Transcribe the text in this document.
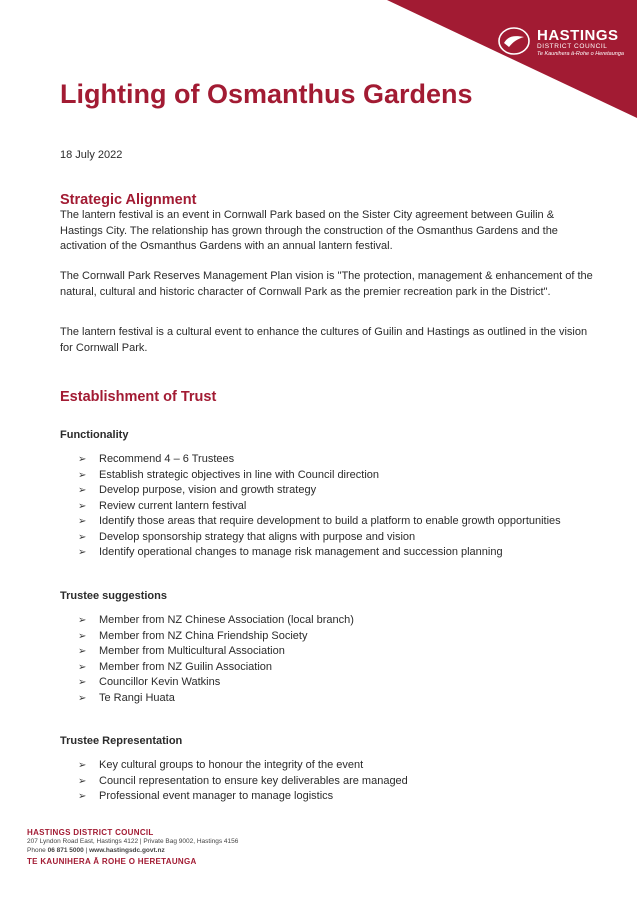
HASTINGS
DISTRICT COUNCIL
Te Kaunihera ā-Rohe o Heretaunga
Lighting of Osmanthus Gardens
18 July 2022
Strategic Alignment

The lantern festival is an event in Cornwall Park based on the Sister City agreement between Guilin & Hastings City. The relationship has grown through the construction of the Osmanthus Gardens and the activation of the Osmanthus Gardens with an annual lantern festival.

The Cornwall Park Reserves Management Plan vision is "The protection, management & enhancement of the natural, cultural and historic character of Cornwall Park as the premier recreation park in the District".

The lantern festival is a cultural event to enhance the cultures of Guilin and Hastings as outlined in the vision for Cornwall Park.

Establishment of Trust
Functionality
➢	Recommend 4 – 6 Trustees
➢	Establish strategic objectives in line with Council direction
➢	Develop purpose, vision and growth strategy
➢	Review current lantern festival
➢	Identify those areas that require development to build a platform to enable growth opportunities
➢	Develop sponsorship strategy that aligns with purpose and vision
➢	Identify operational changes to manage risk management and succession planning
Trustee suggestions
➢	Member from NZ Chinese Association (local branch)
➢	Member from NZ China Friendship Society
➢	Member from Multicultural Association
➢	Member from NZ Guilin Association
➢	Councillor Kevin Watkins
➢	Te Rangi Huata
Trustee Representation
➢	Key cultural groups to honour the integrity of the event
➢	Council representation to ensure key deliverables are managed
➢	Professional event manager to manage logistics
HASTINGS DISTRICT COUNCIL
207 Lyndon Road East, Hastings 4122 | Private Bag 9002, Hastings 4156
Phone 06 871 5000 | www.hastingsdc.govt.nz
TE KAUNIHERA Ā ROHE O HERETAUNGA
